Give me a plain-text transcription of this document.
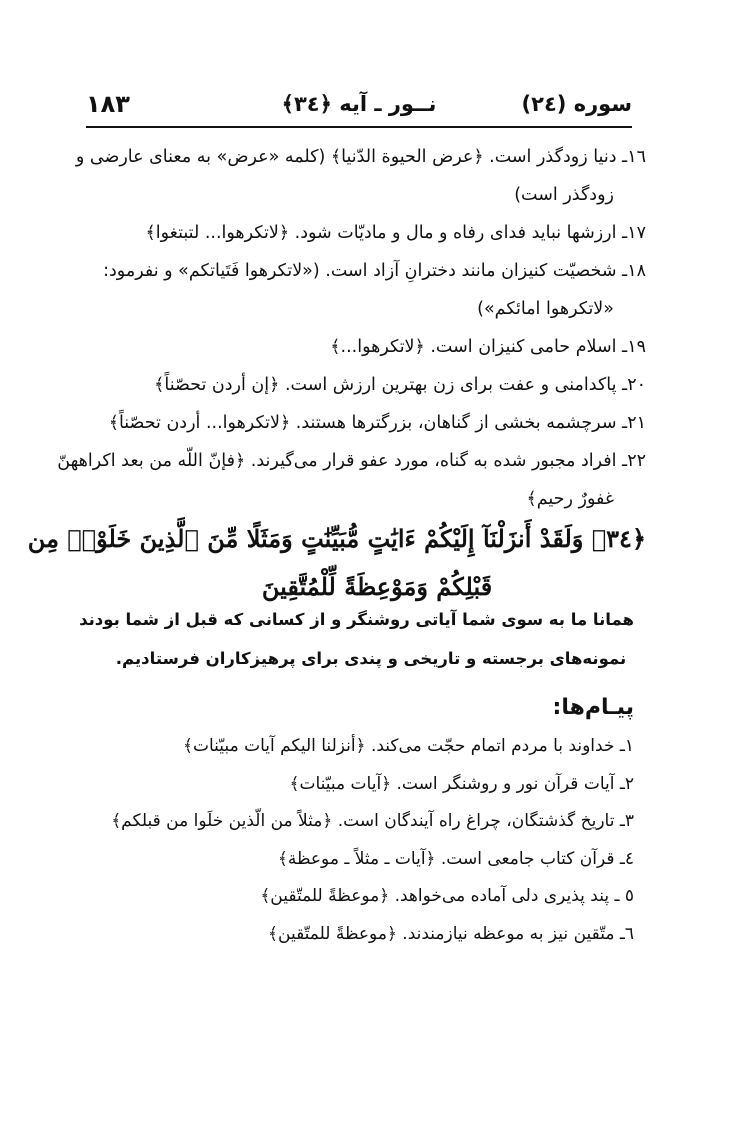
سوره (٢٤)
نــور ـ آیه ﴿٣٤﴾
١٨٣
١٦ـ دنیا زودگذر است. ﴿عرض الحیوة الدّنیا﴾ (کلمه «عرض» به معنای عارضی و
زودگذر است)
١٧ـ ارزشها نباید فدای رفاه و مال و مادیّات شود. ﴿لاتکرهوا... لتبتغوا﴾
١٨ـ شخصیّت کنیزان مانند دخترانِ آزاد است. («لاتکرهوا فَتَیاتکم» و نفرمود:
«لاتکرهوا امائکم»)
١٩ـ اسلام حامی کنیزان است. ﴿لاتکرهوا...﴾
٢٠ـ پاکدامنی و عفت برای زن بهترین ارزش است. ﴿إن أردن تحصّناً﴾
٢١ـ سرچشمه بخشی از گناهان، بزرگترها هستند. ﴿لاتکرهوا... أردن تحصّناً﴾
٢٢ـ افراد مجبور شده به گناه، مورد عفو قرار می‌گیرند. ﴿فإنّ اللّه من بعد اکراههنّ
غفورٌ رحیم﴾
﴿٣٤﴾ وَلَقَدْ أَنزَلْنَآ إِلَيْكُمْ ءَايَٰتٍ مُّبَيِّنَٰتٍ وَمَثَلًا مِّنَ ٱلَّذِينَ خَلَوْا۟ مِن
قَبْلِكُمْ وَمَوْعِظَةً لِّلْمُتَّقِينَ
همانا ما به سوی شما آیاتی روشنگر و از کسانی که قبل از شما بودند
نمونه‌های برجسته و تاریخی و پندی برای پرهیزکاران فرستادیم.
پیـام‌ها:
١ـ خداوند با مردم اتمام حجّت می‌کند. ﴿أنزلنا الیکم آیات مبیّنات﴾
٢ـ آیات قرآن نور و روشنگر است. ﴿آیات مبیّنات﴾
٣ـ تاریخ گذشتگان، چراغ راه آیندگان است. ﴿مثلاً من الّذین خلَوا من قبلکم﴾
٤ـ قرآن کتاب جامعی است. ﴿آیات ـ مثلاً ـ موعظة﴾
٥ ـ پند پذیری دلی آماده می‌خواهد. ﴿موعظةً للمتّقین﴾
٦ـ متّقین نیز به موعظه نیازمندند. ﴿موعظةً للمتّقین﴾
